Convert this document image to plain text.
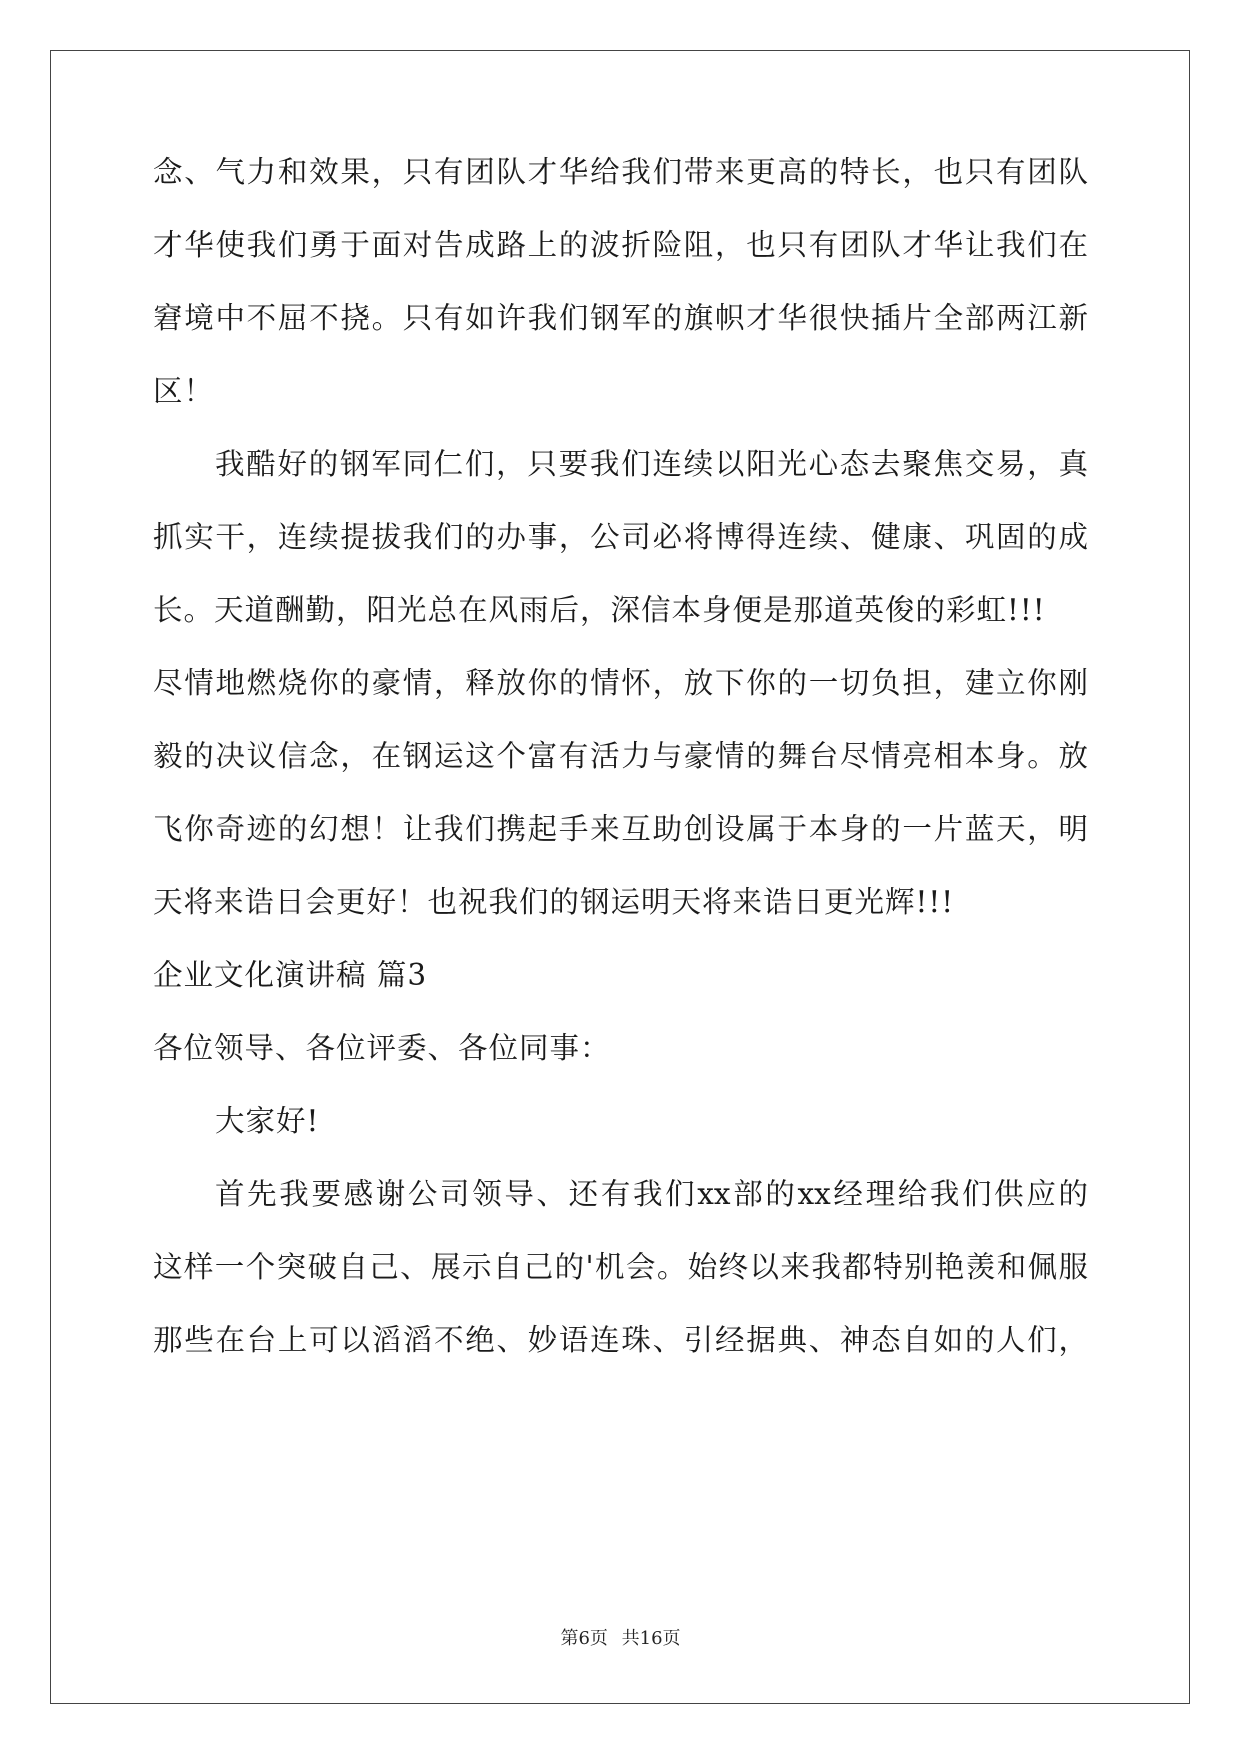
念、气力和效果，只有团队才华给我们带来更高的特长，也只有团队
才华使我们勇于面对告成路上的波折险阻，也只有团队才华让我们在
窘境中不屈不挠。只有如许我们钢军的旗帜才华很快插片全部两江新
区！
我酷好的钢军同仁们，只要我们连续以阳光心态去聚焦交易，真
抓实干，连续提拔我们的办事，公司必将博得连续、健康、巩固的成
长。天道酬勤，阳光总在风雨后，深信本身便是那道英俊的彩虹!!!
尽情地燃烧你的豪情，释放你的情怀，放下你的一切负担，建立你刚
毅的决议信念，在钢运这个富有活力与豪情的舞台尽情亮相本身。放
飞你奇迹的幻想！让我们携起手来互助创设属于本身的一片蓝天，明
天将来诰日会更好！也祝我们的钢运明天将来诰日更光辉!!!
企业文化演讲稿 篇3
各位领导、各位评委、各位同事：
大家好!
首先我要感谢公司领导、还有我们xx部的xx经理给我们供应的
这样一个突破自己、展示自己的'机会。始终以来我都特别艳羡和佩服
那些在台上可以滔滔不绝、妙语连珠、引经据典、神态自如的人们，
第6页 共16页
